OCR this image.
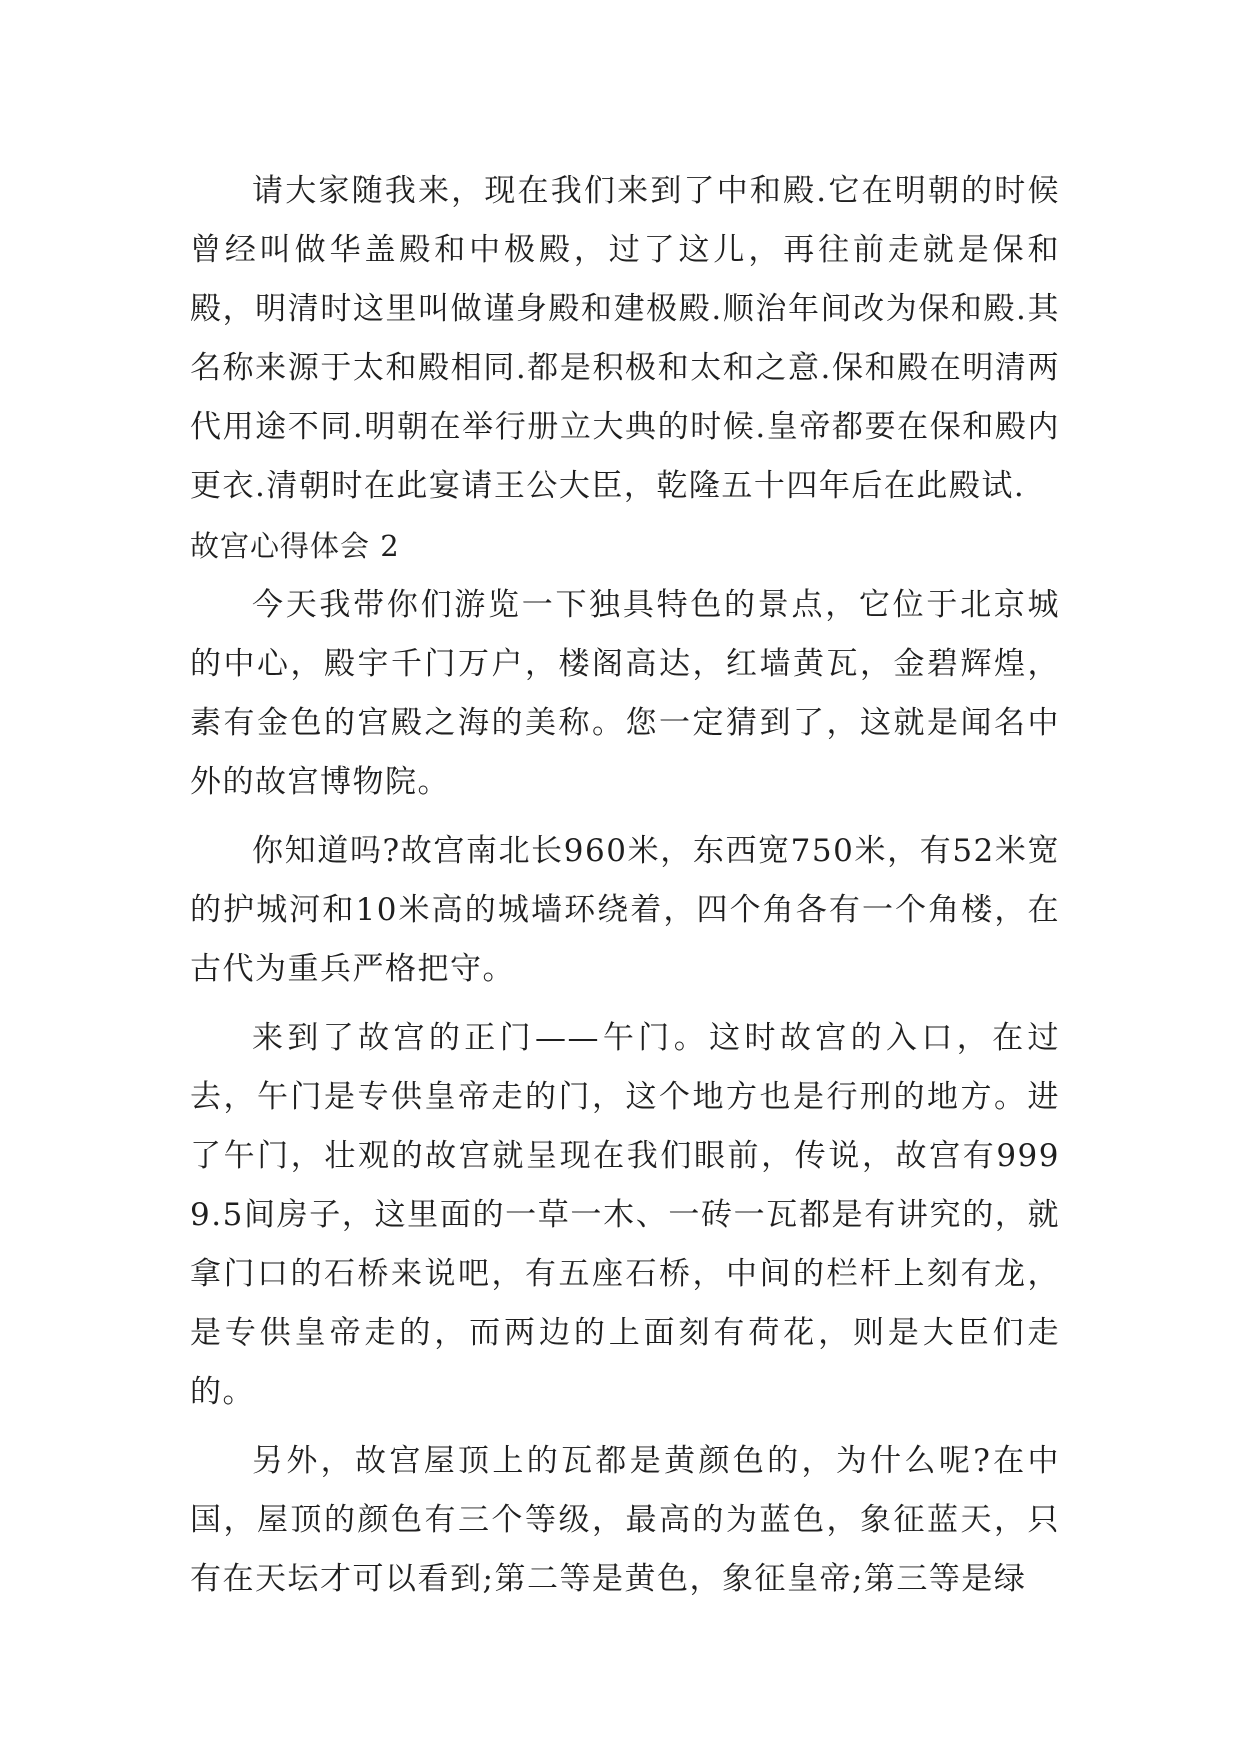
请大家随我来，现在我们来到了中和殿.它在明朝的时候曾经叫做华盖殿和中极殿，过了这儿，再往前走就是保和殿，明清时这里叫做谨身殿和建极殿.顺治年间改为保和殿.其名称来源于太和殿相同.都是积极和太和之意.保和殿在明清两代用途不同.明朝在举行册立大典的时候.皇帝都要在保和殿内更衣.清朝时在此宴请王公大臣，乾隆五十四年后在此殿试.

故宫心得体会 2

今天我带你们游览一下独具特色的景点，它位于北京城的中心，殿宇千门万户，楼阁高达，红墙黄瓦，金碧辉煌，素有金色的宫殿之海的美称。您一定猜到了，这就是闻名中外的故宫博物院。

你知道吗?故宫南北长960米，东西宽750米，有52米宽的护城河和10米高的城墙环绕着，四个角各有一个角楼，在古代为重兵严格把守。

来到了故宫的正门——午门。这时故宫的入口，在过去，午门是专供皇帝走的门，这个地方也是行刑的地方。进了午门，壮观的故宫就呈现在我们眼前，传说，故宫有9999.5间房子，这里面的一草一木、一砖一瓦都是有讲究的，就拿门口的石桥来说吧，有五座石桥，中间的栏杆上刻有龙，是专供皇帝走的，而两边的上面刻有荷花，则是大臣们走的。

另外，故宫屋顶上的瓦都是黄颜色的，为什么呢?在中国，屋顶的颜色有三个等级，最高的为蓝色，象征蓝天，只有在天坛才可以看到;第二等是黄色，象征皇帝;第三等是绿
